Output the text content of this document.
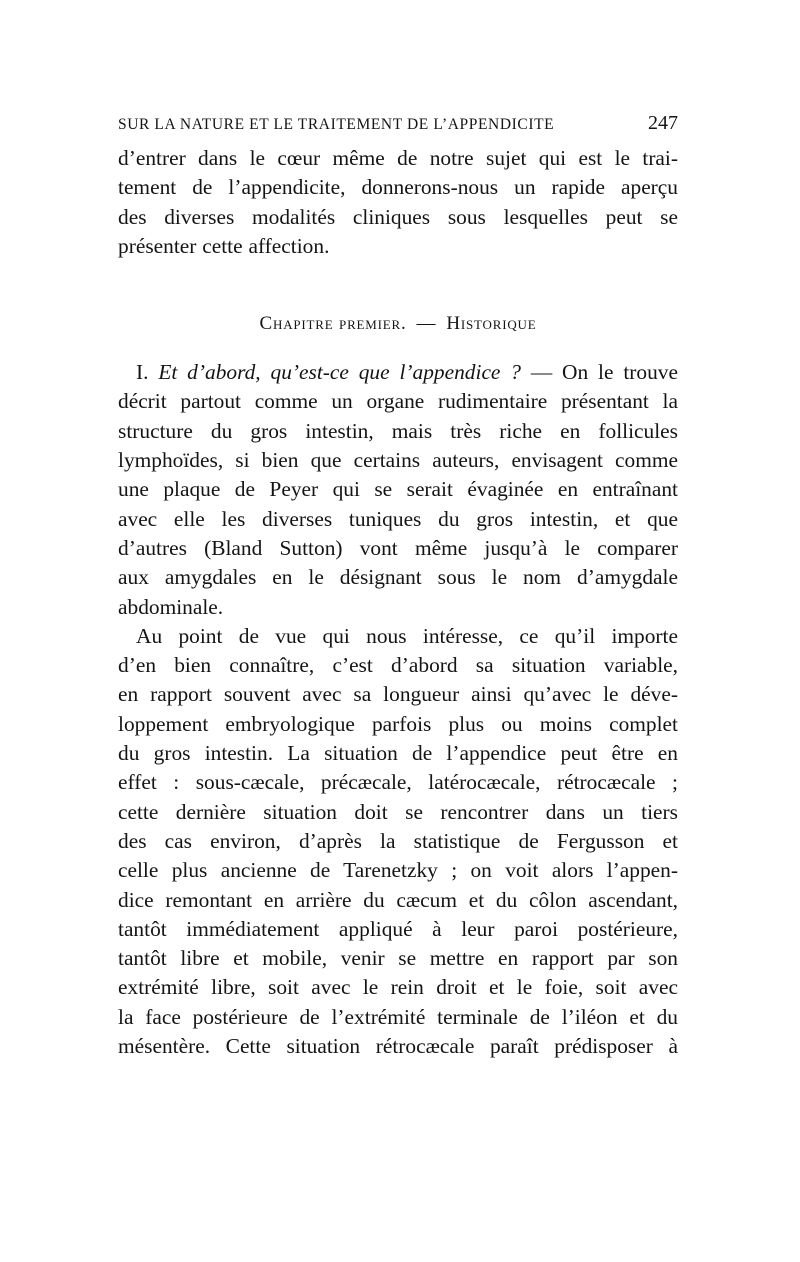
SUR LA NATURE ET LE TRAITEMENT DE L’APPENDICITE	247
d’entrer dans le cœur même de notre sujet qui est le trai-
tement de l’appendicite, donnerons-nous un rapide aperçu
des diverses modalités cliniques sous lesquelles peut se
présenter cette affection.
Chapitre premier. — Historique
I. Et d’abord, qu’est-ce que l’appendice ? — On le trouve
décrit partout comme un organe rudimentaire présentant la
structure du gros intestin, mais très riche en follicules
lymphoïdes, si bien que certains auteurs, envisagent comme
une plaque de Peyer qui se serait évaginée en entraînant
avec elle les diverses tuniques du gros intestin, et que
d’autres (Bland Sutton) vont même jusqu’à le comparer
aux amygdales en le désignant sous le nom d’amygdale
abdominale.
Au point de vue qui nous intéresse, ce qu’il importe
d’en bien connaître, c’est d’abord sa situation variable,
en rapport souvent avec sa longueur ainsi qu’avec le déve-
loppement embryologique parfois plus ou moins complet
du gros intestin. La situation de l’appendice peut être en
effet : sous-cæcale, précæcale, latérocæcale, rétrocæcale ;
cette dernière situation doit se rencontrer dans un tiers
des cas environ, d’après la statistique de Fergusson et
celle plus ancienne de Tarenetzky ; on voit alors l’appen-
dice remontant en arrière du cæcum et du côlon ascendant,
tantôt immédiatement appliqué à leur paroi postérieure,
tantôt libre et mobile, venir se mettre en rapport par son
extrémité libre, soit avec le rein droit et le foie, soit avec
la face postérieure de l’extrémité terminale de l’iléon et du
mésentère. Cette situation rétrocæcale paraît prédisposer à
